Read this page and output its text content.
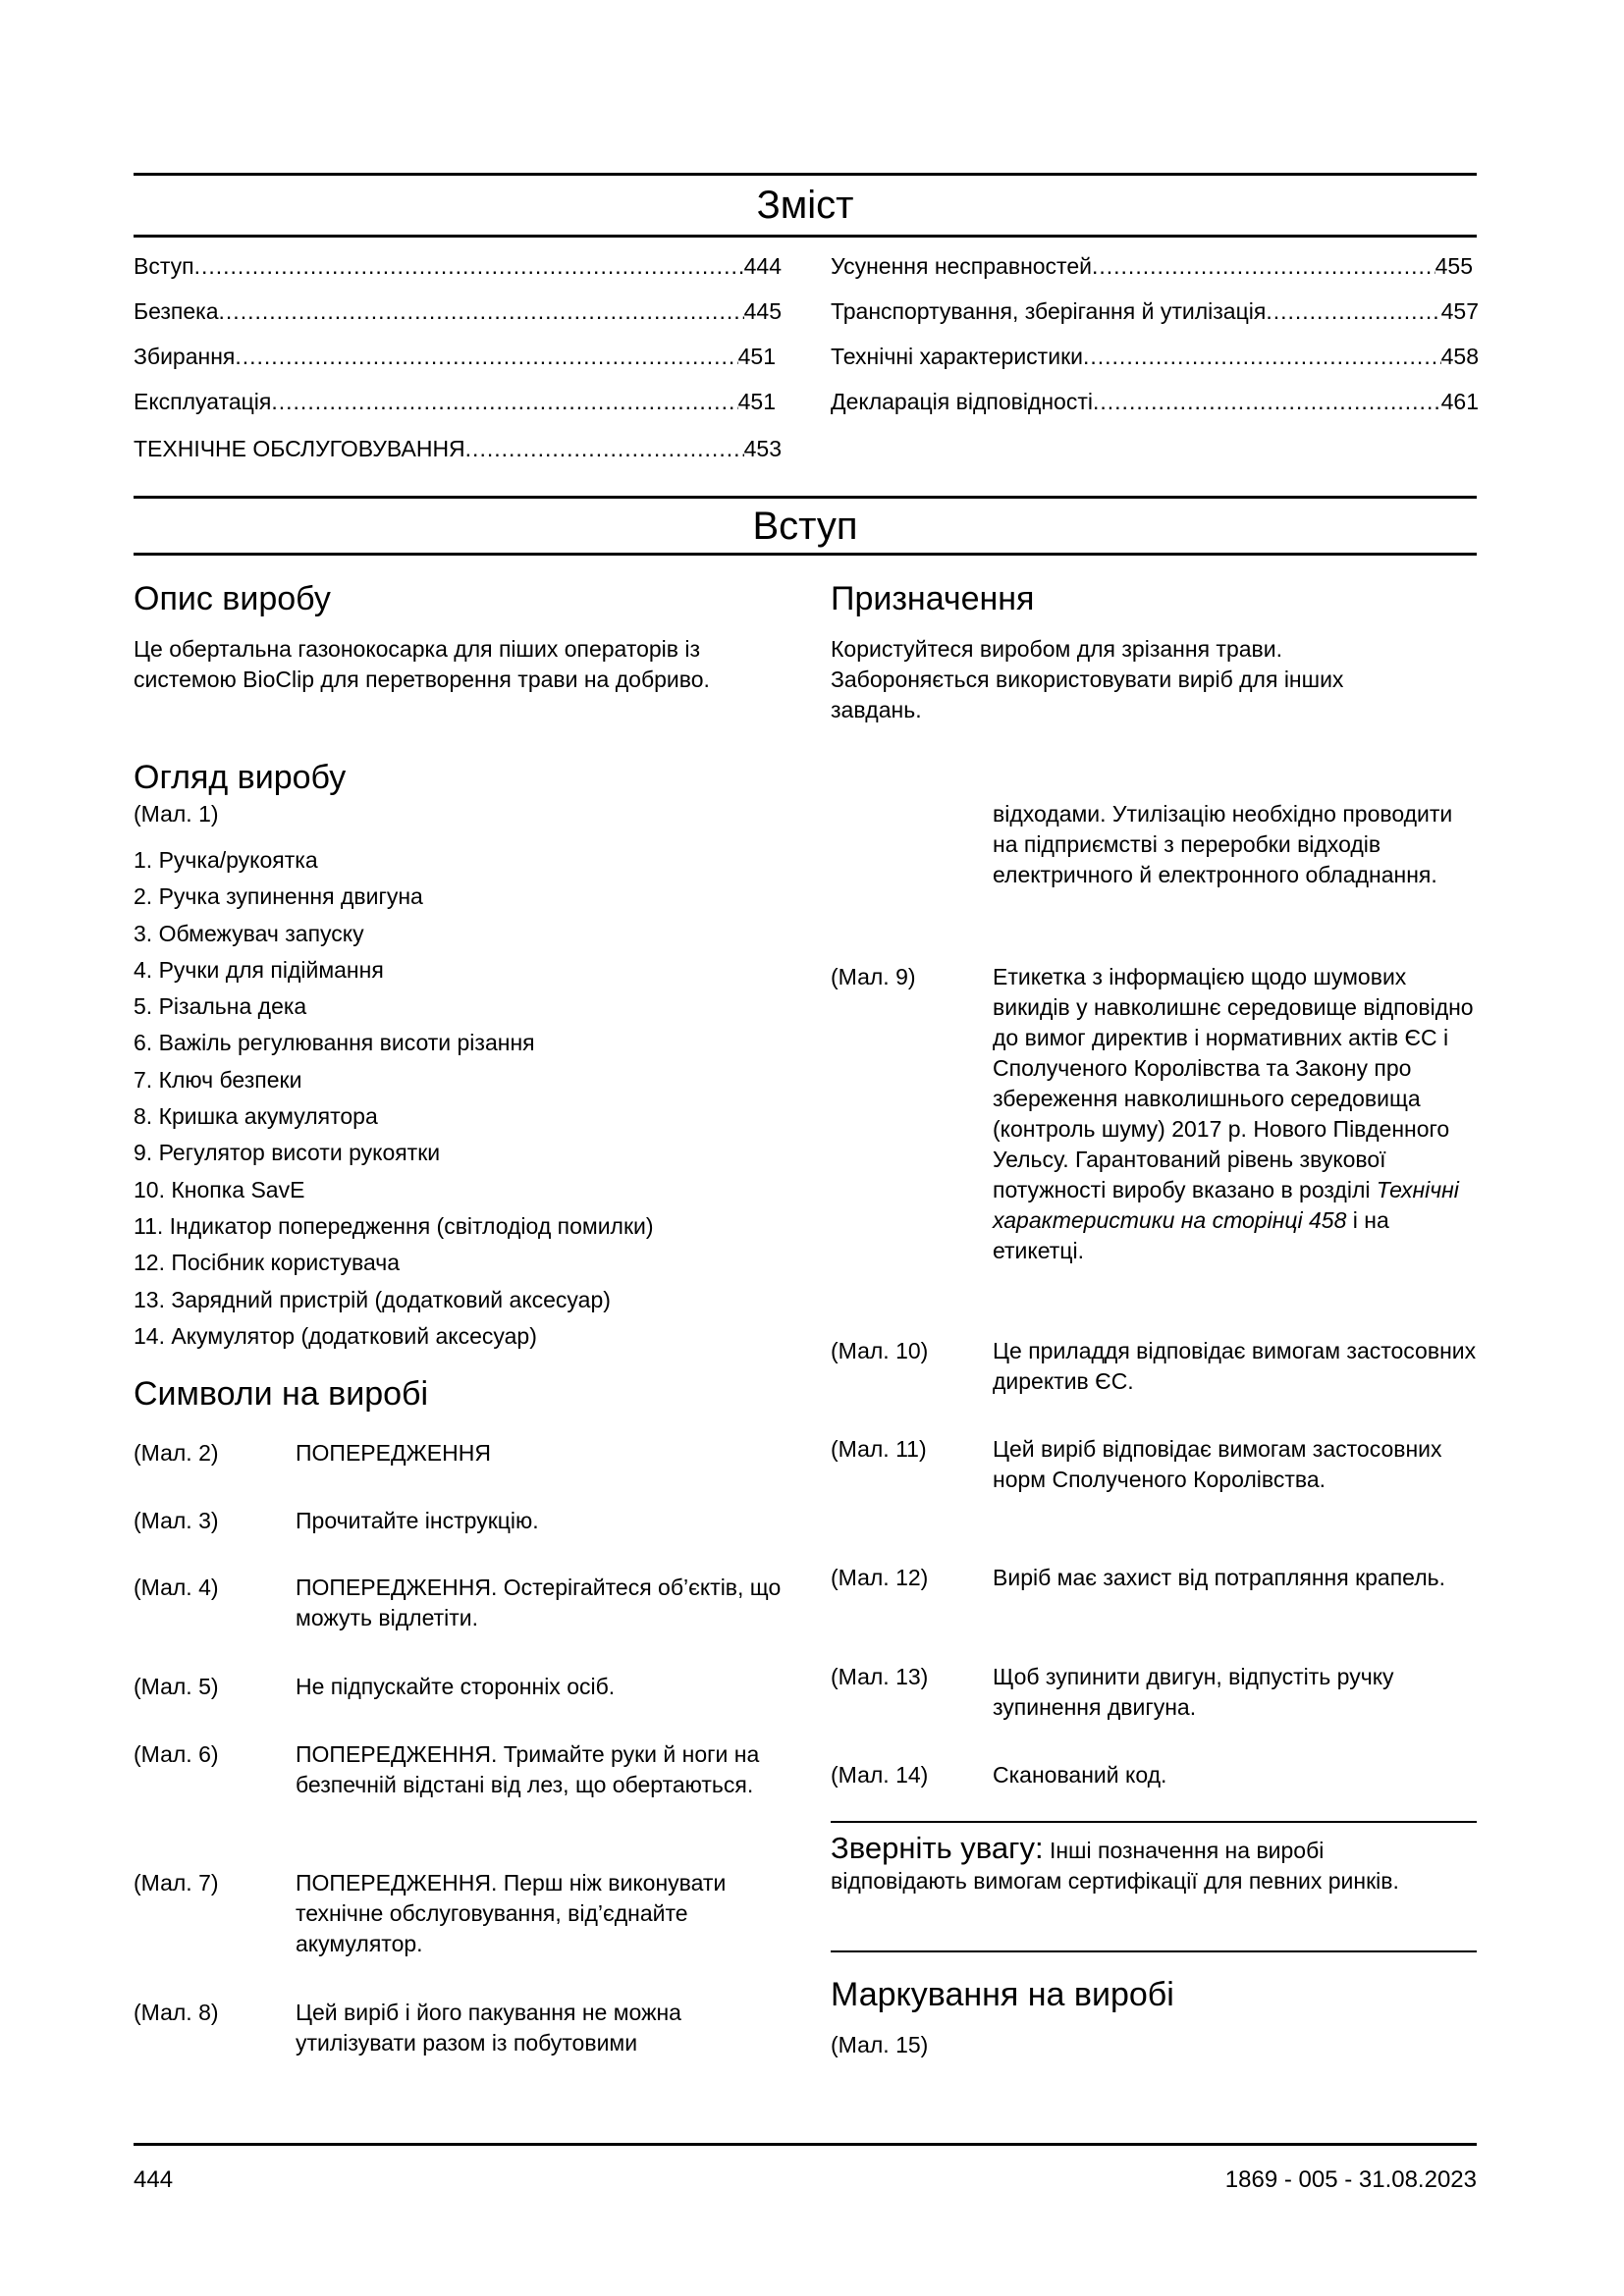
Зміст
Вступ .....	444
Безпека .....	445
Збирання .....	451
Експлуатація .....	451
ТЕХНІЧНЕ ОБСЛУГОВУВАННЯ .....	453
Усунення несправностей .....	455
Транспортування, зберігання й утилізація .....	457
Технічні характеристики .....	458
Декларація відповідності .....	461
Вступ
Опис виробу
Це обертальна газонокосарка для піших операторів із системою BioClip для перетворення трави на добриво.
Огляд виробу
(Мал. 1)
1. Ручка/рукоятка
2. Ручка зупинення двигуна
3. Обмежувач запуску
4. Ручки для підіймання
5. Різальна дека
6. Важіль регулювання висоти різання
7. Ключ безпеки
8. Кришка акумулятора
9. Регулятор висоти рукоятки
10. Кнопка SavE
11. Індикатор попередження (світлодіод помилки)
12. Посібник користувача
13. Зарядний пристрій (додатковий аксесуар)
14. Акумулятор (додатковий аксесуар)
Символи на виробі
(Мал. 2)	ПОПЕРЕДЖЕННЯ
(Мал. 3)	Прочитайте інструкцію.
(Мал. 4)	ПОПЕРЕДЖЕННЯ. Остерігайтеся об’єктів, що можуть відлетіти.
(Мал. 5)	Не підпускайте сторонніх осіб.
(Мал. 6)	ПОПЕРЕДЖЕННЯ. Тримайте руки й ноги на безпечній відстані від лез, що обертаються.
(Мал. 7)	ПОПЕРЕДЖЕННЯ. Перш ніж виконувати технічне обслуговування, від’єднайте акумулятор.
(Мал. 8)	Цей виріб і його пакування не можна утилізувати разом із побутовими
Призначення
Користуйтеся виробом для зрізання трави. Забороняється використовувати виріб для інших завдань.
відходами. Утилізацію необхідно проводити на підприємстві з переробки відходів електричного й електронного обладнання.
(Мал. 9)	Етикетка з інформацією щодо шумових викидів у навколишнє середовище відповідно до вимог директив і нормативних актів ЄС і Сполученого Королівства та Закону про збереження навколишнього середовища (контроль шуму) 2017 р. Нового Південного Уельсу. Гарантований рівень звукової потужності виробу вказано в розділі Технічні характеристики на сторінці 458 і на етикетці.
(Мал. 10)	Це приладдя відповідає вимогам застосовних директив ЄС.
(Мал. 11)	Цей виріб відповідає вимогам застосовних норм Сполученого Королівства.
(Мал. 12)	Виріб має захист від потрапляння крапель.
(Мал. 13)	Щоб зупинити двигун, відпустіть ручку зупинення двигуна.
(Мал. 14)	Сканований код.
Зверніть увагу: Інші позначення на виробі відповідають вимогам сертифікації для певних ринків.
Маркування на виробі
(Мал. 15)
444	1869 - 005 - 31.08.2023
